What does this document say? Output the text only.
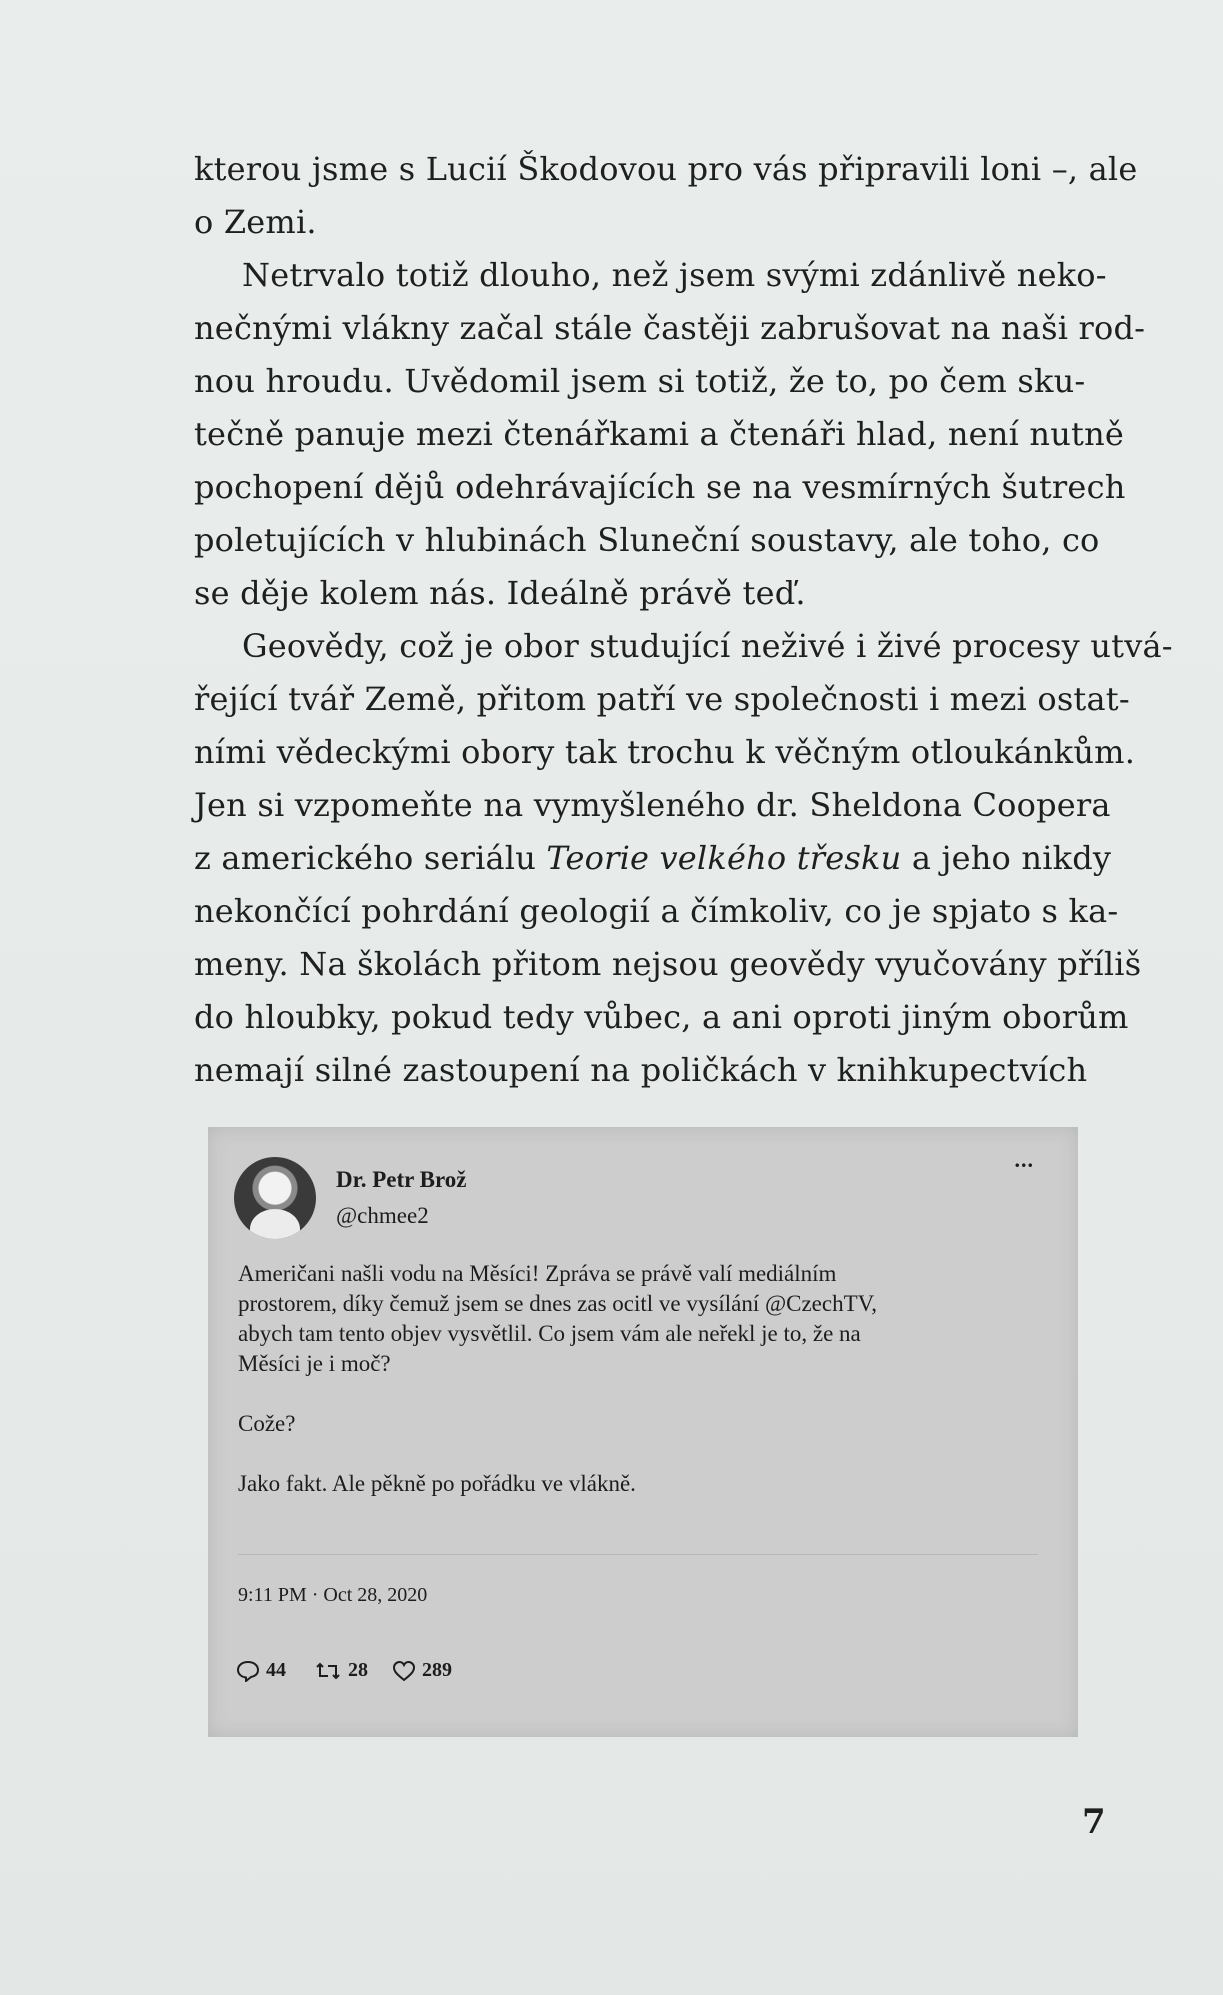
kterou jsme s Lucií Škodovou pro vás připravili loni –, ale
o Zemi.
Netrvalo totiž dlouho, než jsem svými zdánlivě neko-
nečnými vlákny začal stále častěji zabrušovat na naši rod-
nou hroudu. Uvědomil jsem si totiž, že to, po čem sku-
tečně panuje mezi čtenářkami a čtenáři hlad, není nutně
pochopení dějů odehrávajících se na vesmírných šutrech
poletujících v hlubinách Sluneční soustavy, ale toho, co
se děje kolem nás. Ideálně právě teď.
Geovědy, což je obor studující neživé i živé procesy utvá-
řející tvář Země, přitom patří ve společnosti i mezi ostat-
ními vědeckými obory tak trochu k věčným otloukánkům.
Jen si vzpomeňte na vymyšleného dr. Sheldona Coopera
z amerického seriálu Teorie velkého třesku a jeho nikdy
nekončící pohrdání geologií a čímkoliv, co je spjato s ka-
meny. Na školách přitom nejsou geovědy vyučovány příliš
do hloubky, pokud tedy vůbec, a ani oproti jiným oborům
nemají silné zastoupení na poličkách v knihkupectvích
Dr. Petr Brož
@chmee2
...
Američani našli vodu na Měsíci! Zpráva se právě valí mediálním
prostorem, díky čemuž jsem se dnes zas ocitl ve vysílání @CzechTV,
abych tam tento objev vysvětlil. Co jsem vám ale neřekl je to, že na
Měsíci je i moč?
Cože?
Jako fakt. Ale pěkně po pořádku ve vlákně.
9:11 PM · Oct 28, 2020
44	28	289
7
